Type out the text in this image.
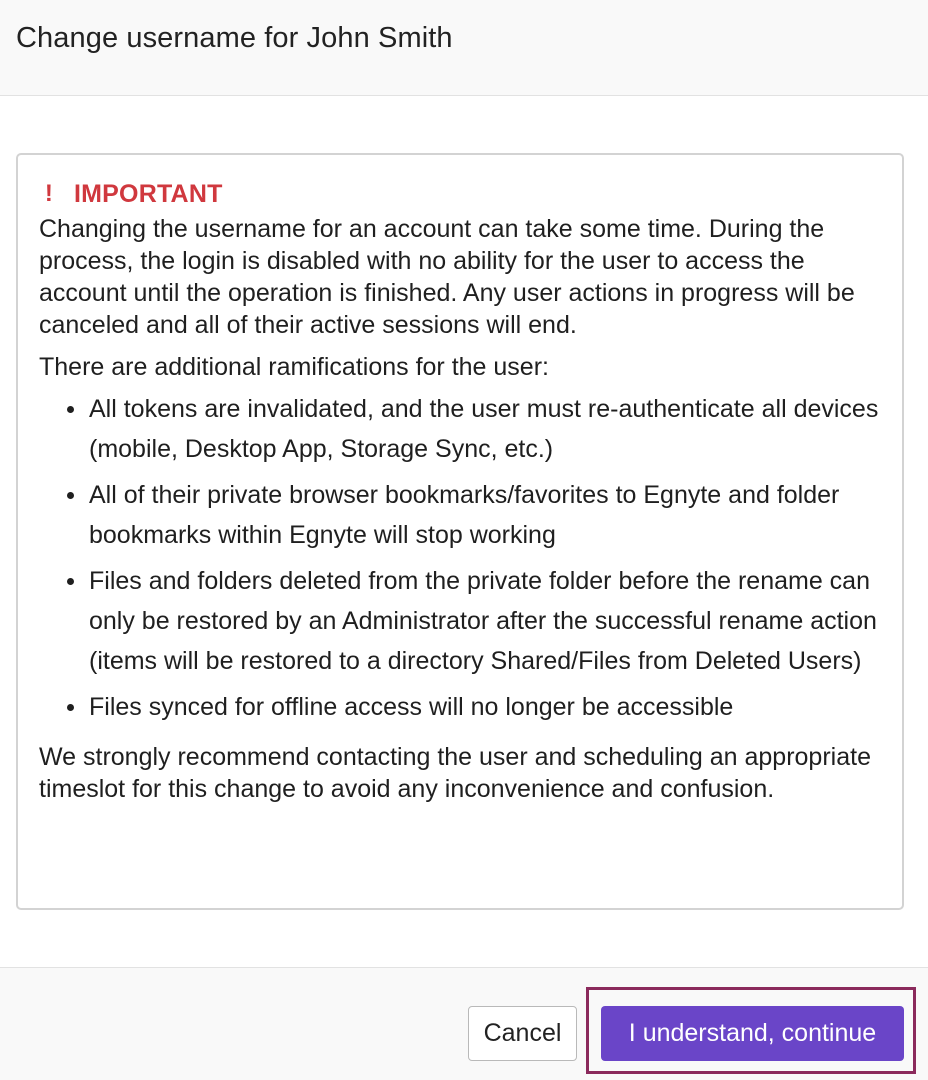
Change username for John Smith
! IMPORTANT

Changing the username for an account can take some time. During the process, the login is disabled with no ability for the user to access the account until the operation is finished. Any user actions in progress will be canceled and all of their active sessions will end.

There are additional ramifications for the user:

All tokens are invalidated, and the user must re-authenticate all devices (mobile, Desktop App, Storage Sync, etc.)
All of their private browser bookmarks/favorites to Egnyte and folder bookmarks within Egnyte will stop working
Files and folders deleted from the private folder before the rename can only be restored by an Administrator after the successful rename action (items will be restored to a directory Shared/Files from Deleted Users)
Files synced for offline access will no longer be accessible

We strongly recommend contacting the user and scheduling an appropriate timeslot for this change to avoid any inconvenience and confusion.

Cancel	I understand, continue
